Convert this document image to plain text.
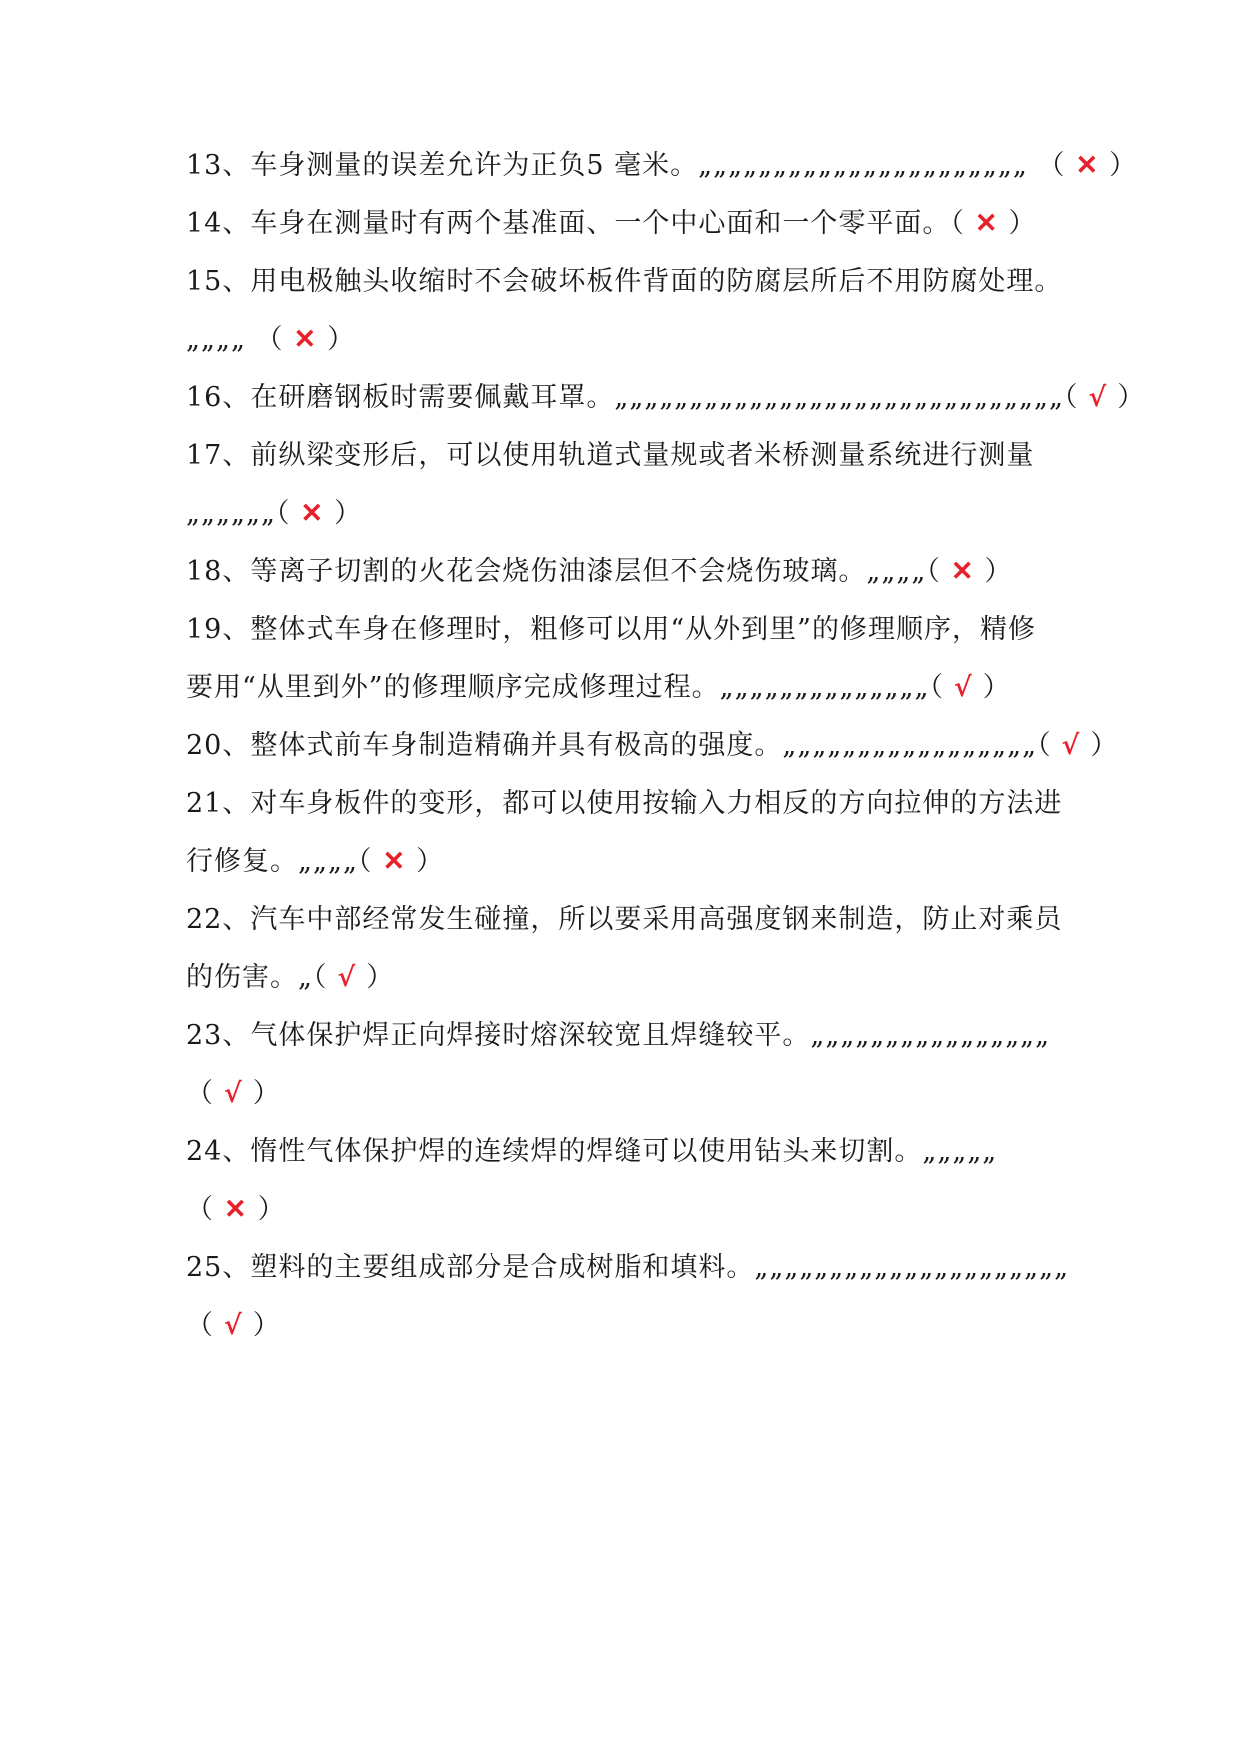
13、车身测量的误差允许为正负5 毫米。„„„„„„„„„„„„„„„„„„„„„„ （ ✕ ）
14、车身在测量时有两个基准面、一个中心面和一个零平面。（ ✕ ）
15、用电极触头收缩时不会破坏板件背面的防腐层所后不用防腐处理。
„„„„ （ ✕ ）
16、在研磨钢板时需要佩戴耳罩。„„„„„„„„„„„„„„„„„„„„„„„„„„„„„„（ √ ）
17、前纵梁变形后，可以使用轨道式量规或者米桥测量系统进行测量
„„„„„„（ ✕ ）
18、等离子切割的火花会烧伤油漆层但不会烧伤玻璃。„„„„（ ✕ ）
19、整体式车身在修理时，粗修可以用“从外到里”的修理顺序，精修
要用“从里到外”的修理顺序完成修理过程。„„„„„„„„„„„„„„（ √ ）
20、整体式前车身制造精确并具有极高的强度。„„„„„„„„„„„„„„„„„（ √ ）
21、对车身板件的变形，都可以使用按输入力相反的方向拉伸的方法进
行修复。„„„„（ ✕ ）
22、汽车中部经常发生碰撞，所以要采用高强度钢来制造，防止对乘员
的伤害。„（ √ ）
23、气体保护焊正向焊接时熔深较宽且焊缝较平。„„„„„„„„„„„„„„„„
（ √ ）
24、惰性气体保护焊的连续焊的焊缝可以使用钻头来切割。„„„„„
（ ✕ ）
25、塑料的主要组成部分是合成树脂和填料。„„„„„„„„„„„„„„„„„„„„„
（ √ ）
